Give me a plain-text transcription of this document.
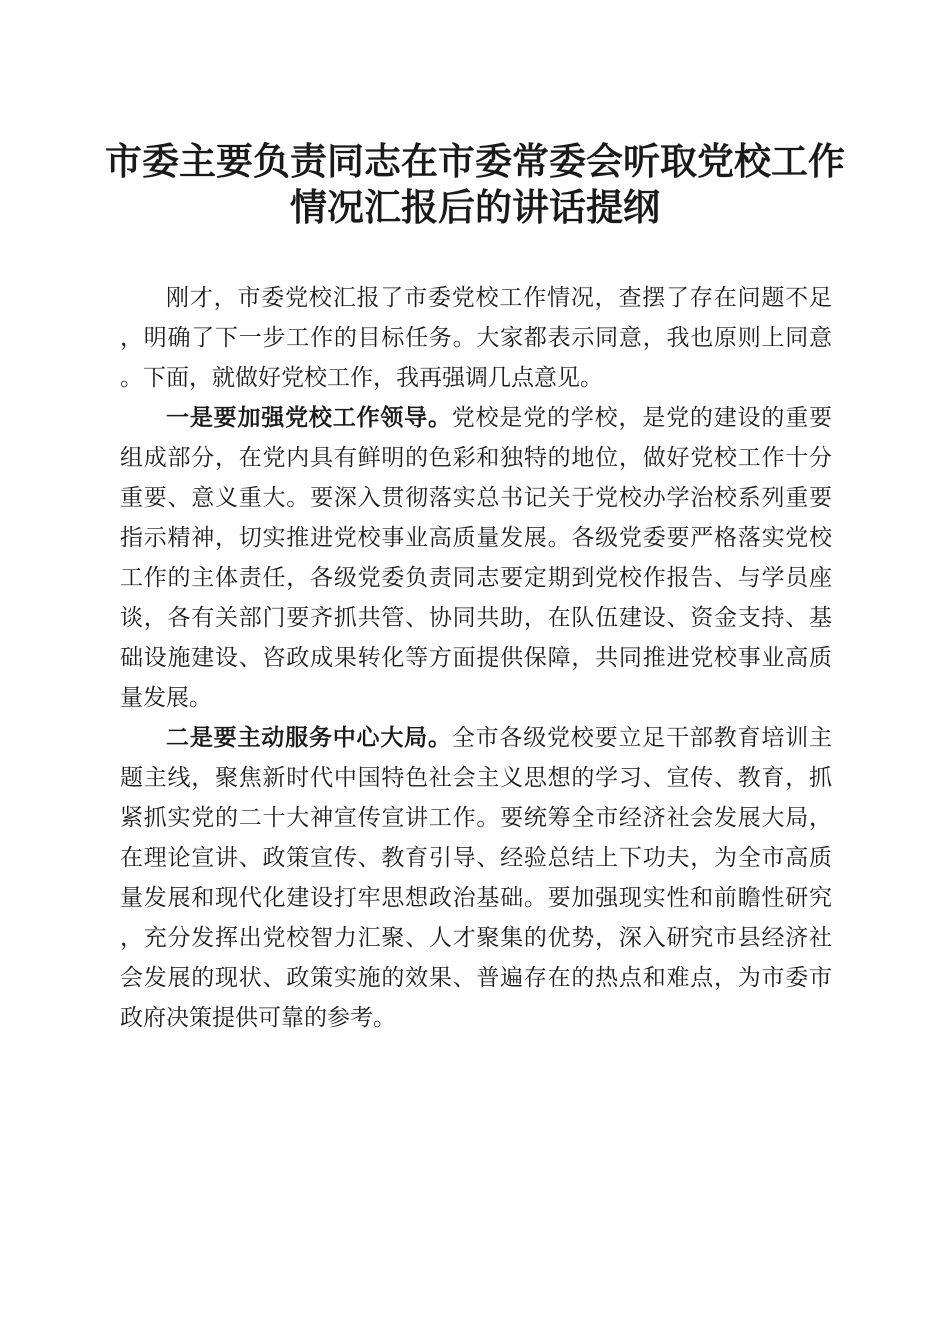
市委主要负责同志在市委常委会听取党校工作
情况汇报后的讲话提纲

刚才，市委党校汇报了市委党校工作情况，查摆了存在问题不足，明确了下一步工作的目标任务。大家都表示同意，我也原则上同意。下面，就做好党校工作，我再强调几点意见。

一是要加强党校工作领导。党校是党的学校，是党的建设的重要组成部分，在党内具有鲜明的色彩和独特的地位，做好党校工作十分重要、意义重大。要深入贯彻落实总书记关于党校办学治校系列重要指示精神，切实推进党校事业高质量发展。各级党委要严格落实党校工作的主体责任，各级党委负责同志要定期到党校作报告、与学员座谈，各有关部门要齐抓共管、协同共助，在队伍建设、资金支持、基础设施建设、咨政成果转化等方面提供保障，共同推进党校事业高质量发展。

二是要主动服务中心大局。全市各级党校要立足干部教育培训主题主线，聚焦新时代中国特色社会主义思想的学习、宣传、教育，抓紧抓实党的二十大神宣传宣讲工作。要统筹全市经济社会发展大局，在理论宣讲、政策宣传、教育引导、经验总结上下功夫，为全市高质量发展和现代化建设打牢思想政治基础。要加强现实性和前瞻性研究，充分发挥出党校智力汇聚、人才聚集的优势，深入研究市县经济社会发展的现状、政策实施的效果、普遍存在的热点和难点，为市委市政府决策提供可靠的参考。
